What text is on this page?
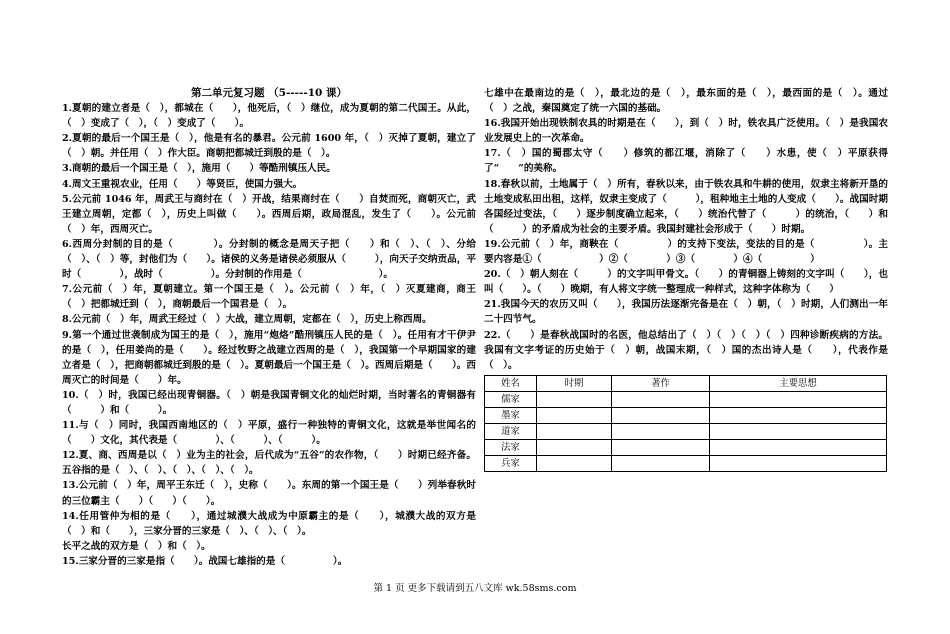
第二单元复习题 （5-----10 课）
1.夏朝的建立者是（　），都城在（　　），他死后，（　）继位，成为夏朝的第二代国王。从此，（　）变成了（　），（　）变成了（　　）。
2.夏朝的最后一个国王是（　），他是有名的暴君。公元前 1600 年，（　）灭掉了夏朝，建立了（　）朝。并任用（　）作大臣。商朝把都城迁到殷的是（　）。
3.商朝的最后一个国王是（　），施用（　　）等酷刑镇压人民。
4.周文王重视农业，任用（　　）等贤臣，使国力强大。
5.公元前 1046 年，周武王与商纣在（　）开战，结果商纣在（　　）自焚而死，商朝灭亡，武王建立周朝，定都（　），历史上叫做（　　）。西周后期，政局混乱，发生了（　　）。公元前（　）年，西周灭亡。
6.西周分封制的目的是（　　　　）。分封制的概念是周天子把（　　）和（　）、（　）、分给（　）、（　）等，封他们为（　　）。诸侯的义务是诸侯必须服从（　　　），向天子交纳贡品，平时（　　　　），战时（　　　　　）。分封制的作用是（　　　　　　　　）。
7.公元前（　）年，夏朝建立。第一个国王是（　）。公元前（　）年，（　）灭夏建商，商王（　）把都城迁到（　），商朝最后一个国君是（　）。
8.公元前（　）年，周武王经过（　）大战，建立周朝，定都在（　），历史上称西周。
9.第一个通过世袭制成为国王的是（　），施用“炮烙”酷刑镇压人民的是（　）。任用有才干伊尹的是（　），任用姜尚的是（　　）。经过牧野之战建立西周的是（　），我国第一个早期国家的建立者是（　），把商朝都城迁到殷的是（　）。夏朝最后一个国王是（　）。西周后期是（　　）。西周灭亡的时间是（　　）年。
10.（　）时，我国已经出现青铜器。（　）朝是我国青铜文化的灿烂时期，当时著名的青铜器有（　　　）和（　　　）。
11.与（　）同时，我国西南地区的（　）平原，盛行一种独特的青铜文化，这就是举世闻名的（　　）文化，其代表是（　　　　）、（　　　）、（　　　）。
12.夏、商、西周是以（　）业为主的社会，后代成为“五谷”的农作物，（　　）时期已经齐备。五谷指的是（　）、（　）、（　）、（　）、（　）。
13.公元前（　）年，周平王东迁（　），史称（　　）。东周的第一个国王是（　　）列举春秋时的三位霸主（　　）（　　）（　　）。
14.任用管仲为相的是（　　），通过城濮大战成为中原霸主的是（　　），城濮大战的双方是（　）和（　　），三家分晋的三家是（　）、（　）、（　）。
长平之战的双方是（　）和（　）。
15.三家分晋的三家是指（　　）。战国七雄指的是（　　　　　）。
七雄中在最南边的是（　），最北边的是（　），最东面的是（　），最西面的是（　）。通过（　）之战，秦国奠定了统一六国的基础。
16.我国开始出现铁制农具的时期是在（　　），到（　）时，铁农具广泛使用。（　）是我国农业发展史上的一次革命。
17.（　）国的蜀郡太守（　　）修筑的都江堰，消除了（　　）水患，使（　）平原获得了“　　”的美称。
18.春秋以前，土地属于（　）所有，春秋以来，由于铁农具和牛耕的使用，奴隶主将新开垦的土地变成私田出租，这样，奴隶主变成了（　　　），租种地主土地的人变成（　　）。战国时期各国经过变法，（　　）逐步制度确立起来，（　　）统治代替了（　　　）的统治，（　　）和（　　　）的矛盾成为社会的主要矛盾。我国封建社会形成于（　　）时期。
19.公元前（　）年，商鞅在（　　　　　）的支持下变法，变法的目的是（　　　　　）。主要内容是①（　　　　　　）②（　　　　）③（　　　　）④（　　　　　）
20.（　）朝人刻在（　　　）的文字叫甲骨文。（　　）的青铜器上铸刻的文字叫（　　），也叫（　　）。（　　）晚期，有人将文字统一整理成一种样式，这种字体称为（　　）
21.我国今天的农历又叫（　　），我国历法逐渐完备是在（　）朝，（　）时期，人们测出一年二十四节气。
22.（　　）是春秋战国时的名医，他总结出了（　）（　）（　）（　）四种诊断疾病的方法。我国有文字考证的历史始于（　）朝，战国末期，（　）国的杰出诗人是（　　），代表作是（　）。
姓名	时期	著作	主要思想
儒家			
墨家			
道家			
法家			
兵家			
第 1 页 更多下载请到五八文库 wk.58sms.com
